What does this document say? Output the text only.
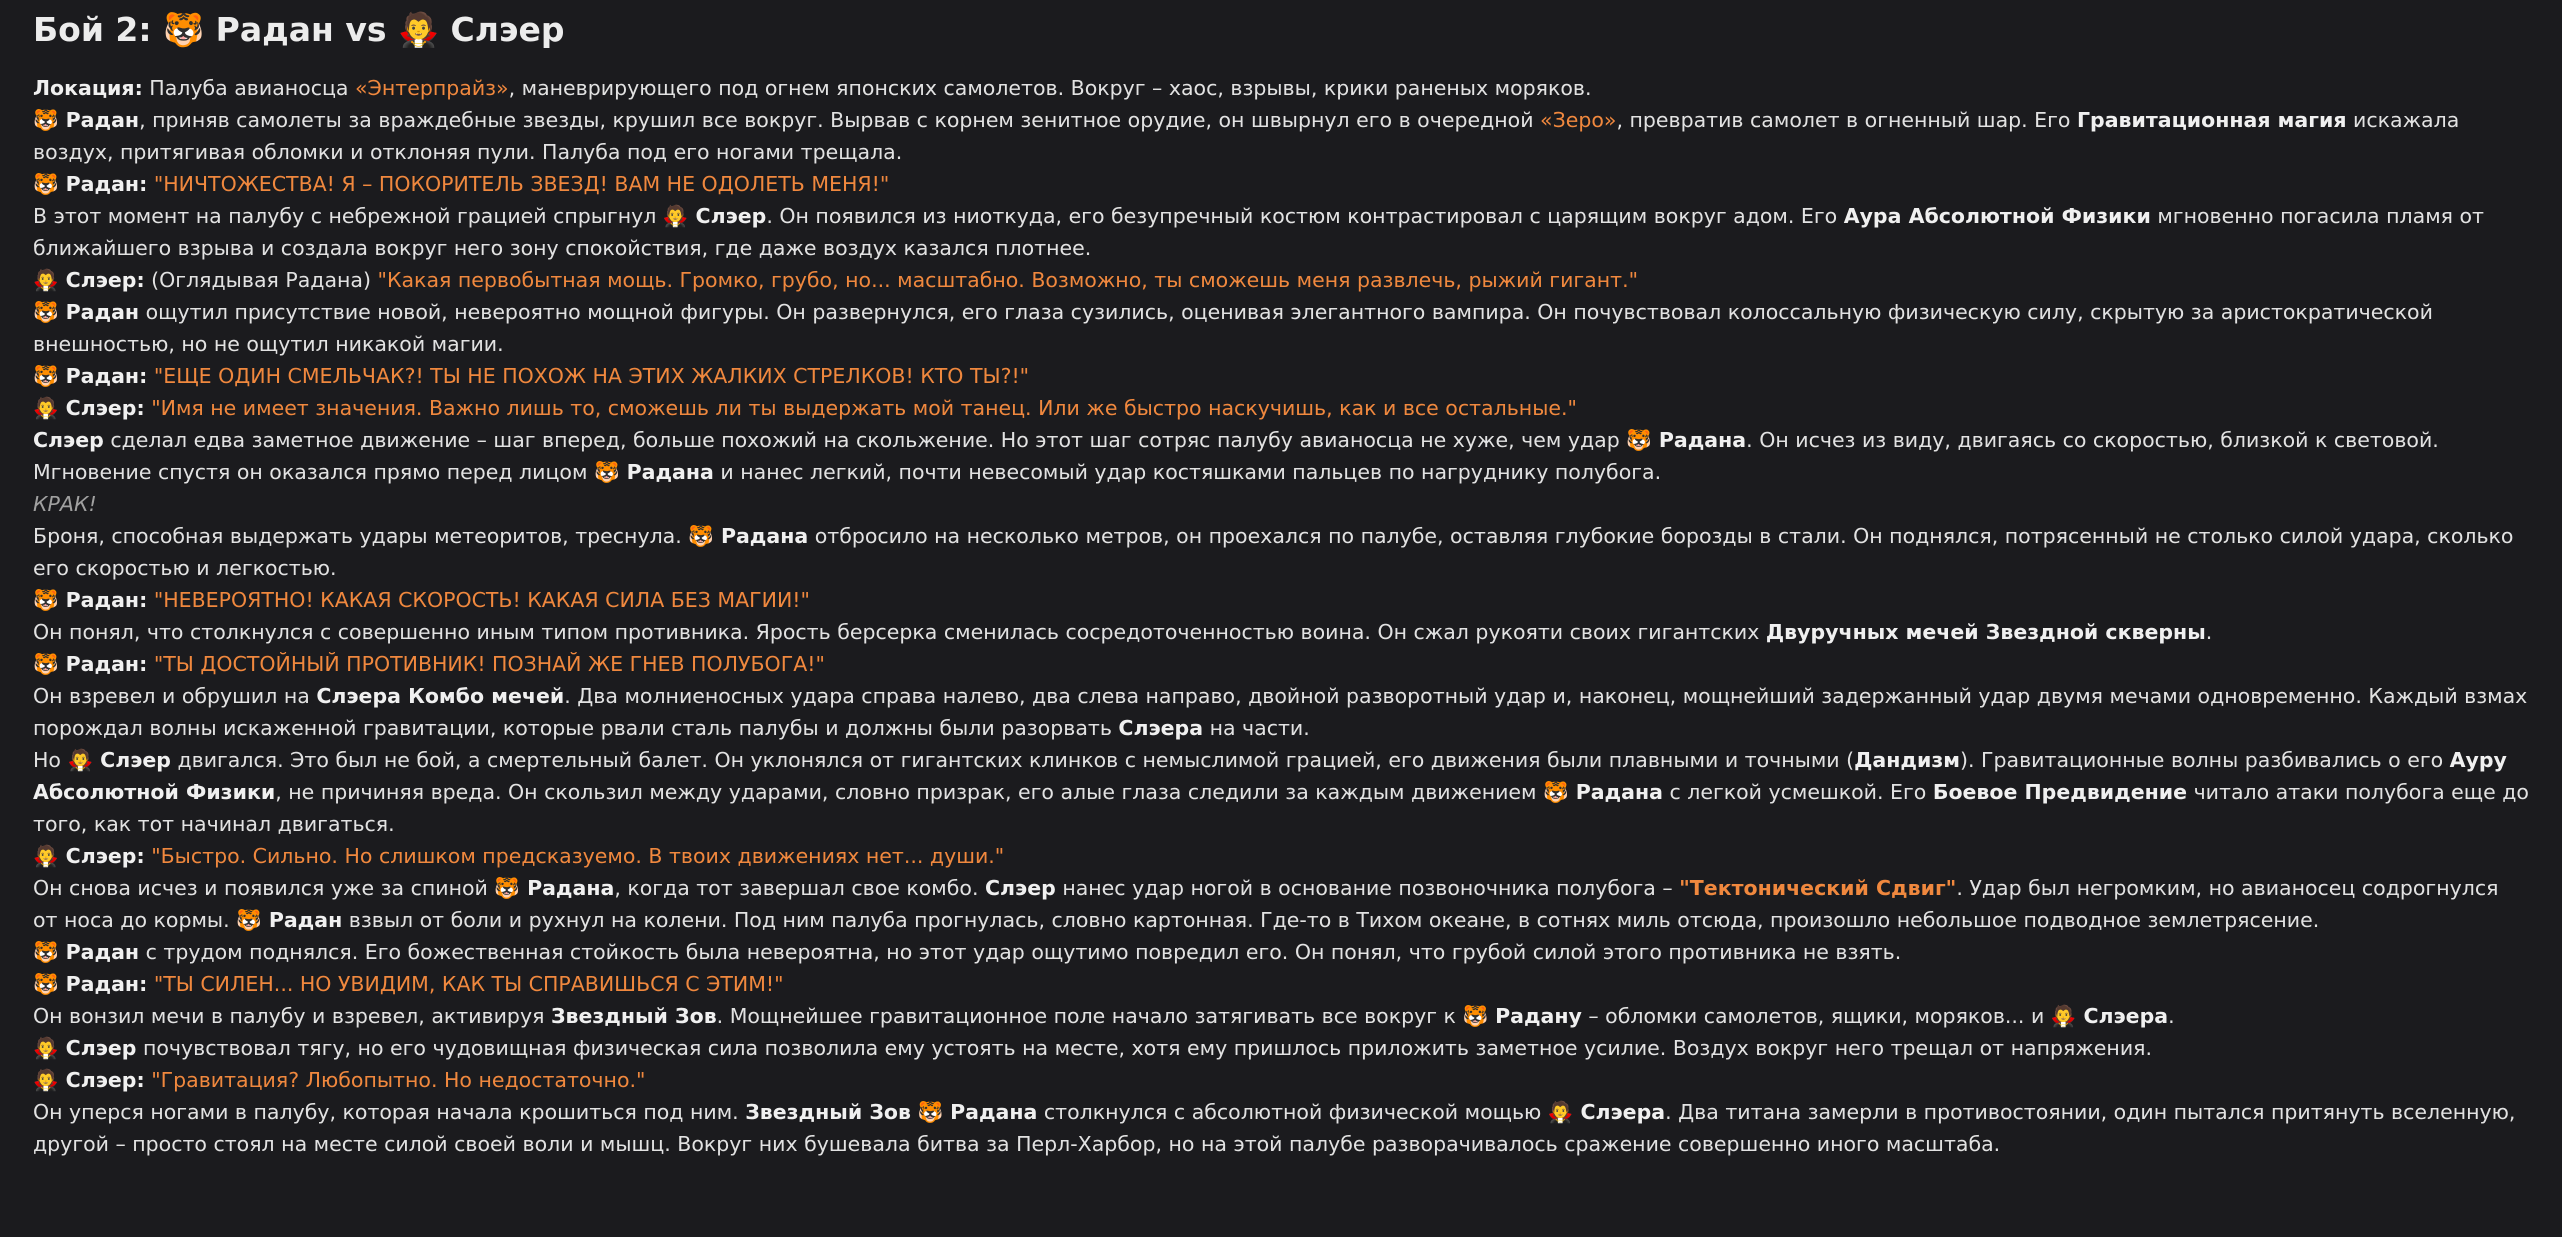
Бой 2: 🐯 Радан vs 🧛 Слэер
Локация: Палуба авианосца «Энтерпрайз», маневрирующего под огнем японских самолетов. Вокруг – хаос, взрывы, крики раненых моряков.
🐯 Радан, приняв самолеты за враждебные звезды, крушил все вокруг. Вырвав с корнем зенитное орудие, он швырнул его в очередной «Зеро», превратив самолет в огненный шар. Его Гравитационная магия искажала воздух, притягивая обломки и отклоняя пули. Палуба под его ногами трещала.
🐯 Радан: "НИЧТОЖЕСТВА! Я – ПОКОРИТЕЛЬ ЗВЕЗД! ВАМ НЕ ОДОЛЕТЬ МЕНЯ!"
В этот момент на палубу с небрежной грацией спрыгнул 🧛 Слэер. Он появился из ниоткуда, его безупречный костюм контрастировал с царящим вокруг адом. Его Аура Абсолютной Физики мгновенно погасила пламя от ближайшего взрыва и создала вокруг него зону спокойствия, где даже воздух казался плотнее.
🧛 Слэер: (Оглядывая Радана) "Какая первобытная мощь. Громко, грубо, но... масштабно. Возможно, ты сможешь меня развлечь, рыжий гигант."
🐯 Радан ощутил присутствие новой, невероятно мощной фигуры. Он развернулся, его глаза сузились, оценивая элегантного вампира. Он почувствовал колоссальную физическую силу, скрытую за аристократической внешностью, но не ощутил никакой магии.
🐯 Радан: "ЕЩЕ ОДИН СМЕЛЬЧАК?! ТЫ НЕ ПОХОЖ НА ЭТИХ ЖАЛКИХ СТРЕЛКОВ! КТО ТЫ?!"
🧛 Слэер: "Имя не имеет значения. Важно лишь то, сможешь ли ты выдержать мой танец. Или же быстро наскучишь, как и все остальные."
Слэер сделал едва заметное движение – шаг вперед, больше похожий на скольжение. Но этот шаг сотряс палубу авианосца не хуже, чем удар 🐯 Радана. Он исчез из виду, двигаясь со скоростью, близкой к световой. Мгновение спустя он оказался прямо перед лицом 🐯 Радана и нанес легкий, почти невесомый удар костяшками пальцев по нагруднику полубога.
КРАК!
Броня, способная выдержать удары метеоритов, треснула. 🐯 Радана отбросило на несколько метров, он проехался по палубе, оставляя глубокие борозды в стали. Он поднялся, потрясенный не столько силой удара, сколько его скоростью и легкостью.
🐯 Радан: "НЕВЕРОЯТНО! КАКАЯ СКОРОСТЬ! КАКАЯ СИЛА БЕЗ МАГИИ!"
Он понял, что столкнулся с совершенно иным типом противника. Ярость берсерка сменилась сосредоточенностью воина. Он сжал рукояти своих гигантских Двуручных мечей Звездной скверны.
🐯 Радан: "ТЫ ДОСТОЙНЫЙ ПРОТИВНИК! ПОЗНАЙ ЖЕ ГНЕВ ПОЛУБОГА!"
Он взревел и обрушил на Слэера Комбо мечей. Два молниеносных удара справа налево, два слева направо, двойной разворотный удар и, наконец, мощнейший задержанный удар двумя мечами одновременно. Каждый взмах порождал волны искаженной гравитации, которые рвали сталь палубы и должны были разорвать Слэера на части.
Но 🧛 Слэер двигался. Это был не бой, а смертельный балет. Он уклонялся от гигантских клинков с немыслимой грацией, его движения были плавными и точными (Дандизм). Гравитационные волны разбивались о его Ауру Абсолютной Физики, не причиняя вреда. Он скользил между ударами, словно призрак, его алые глаза следили за каждым движением 🐯 Радана с легкой усмешкой. Его Боевое Предвидение читало атаки полубога еще до того, как тот начинал двигаться.
🧛 Слэер: "Быстро. Сильно. Но слишком предсказуемо. В твоих движениях нет... души."
Он снова исчез и появился уже за спиной 🐯 Радана, когда тот завершал свое комбо. Слэер нанес удар ногой в основание позвоночника полубога – "Тектонический Сдвиг". Удар был негромким, но авианосец содрогнулся от носа до кормы. 🐯 Радан взвыл от боли и рухнул на колени. Под ним палуба прогнулась, словно картонная. Где-то в Тихом океане, в сотнях миль отсюда, произошло небольшое подводное землетрясение.
🐯 Радан с трудом поднялся. Его божественная стойкость была невероятна, но этот удар ощутимо повредил его. Он понял, что грубой силой этого противника не взять.
🐯 Радан: "ТЫ СИЛЕН... НО УВИДИМ, КАК ТЫ СПРАВИШЬСЯ С ЭТИМ!"
Он вонзил мечи в палубу и взревел, активируя Звездный Зов. Мощнейшее гравитационное поле начало затягивать все вокруг к 🐯 Радану – обломки самолетов, ящики, моряков... и 🧛 Слэера.
🧛 Слэер почувствовал тягу, но его чудовищная физическая сила позволила ему устоять на месте, хотя ему пришлось приложить заметное усилие. Воздух вокруг него трещал от напряжения.
🧛 Слэер: "Гравитация? Любопытно. Но недостаточно."
Он уперся ногами в палубу, которая начала крошиться под ним. Звездный Зов 🐯 Радана столкнулся с абсолютной физической мощью 🧛 Слэера. Два титана замерли в противостоянии, один пытался притянуть вселенную, другой – просто стоял на месте силой своей воли и мышц. Вокруг них бушевала битва за Перл-Харбор, но на этой палубе разворачивалось сражение совершенно иного масштаба.
